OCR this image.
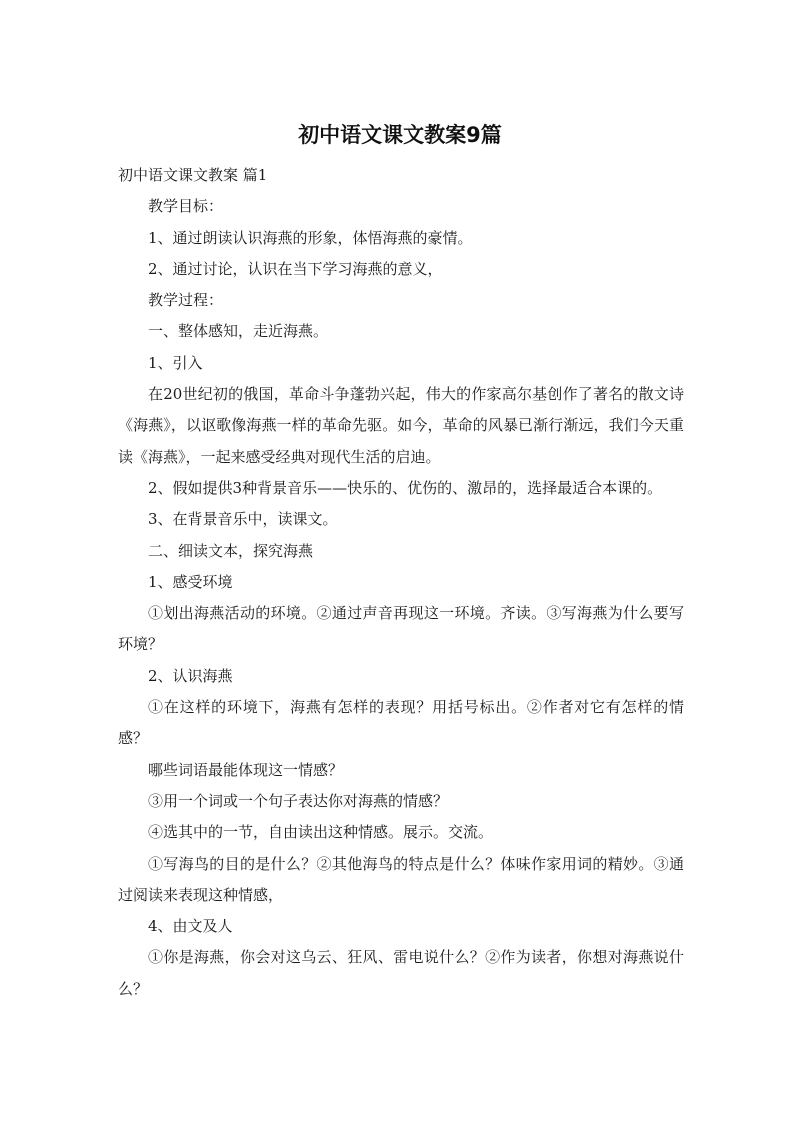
初中语文课文教案9篇

初中语文课文教案 篇1

教学目标：

1、通过朗读认识海燕的形象，体悟海燕的豪情。

2、通过讨论，认识在当下学习海燕的意义，

教学过程：

一、整体感知，走近海燕。

1、引入

在20世纪初的俄国，革命斗争蓬勃兴起，伟大的作家高尔基创作了著名的散文诗《海燕》，以讴歌像海燕一样的革命先驱。如今，革命的风暴已渐行渐远，我们今天重读《海燕》，一起来感受经典对现代生活的启迪。

2、假如提供3种背景音乐——快乐的、优伤的、激昂的，选择最适合本课的。

3、在背景音乐中，读课文。

二、细读文本，探究海燕

1、感受环境

①划出海燕活动的环境。②通过声音再现这一环境。齐读。③写海燕为什么要写环境？

2、认识海燕

①在这样的环境下，海燕有怎样的表现？用括号标出。②作者对它有怎样的情感？

哪些词语最能体现这一情感？

③用一个词或一个句子表达你对海燕的情感？

④选其中的一节，自由读出这种情感。展示。交流。

①写海鸟的目的是什么？②其他海鸟的特点是什么？体味作家用词的精妙。③通过阅读来表现这种情感，

4、由文及人

①你是海燕，你会对这乌云、狂风、雷电说什么？②作为读者，你想对海燕说什么？
